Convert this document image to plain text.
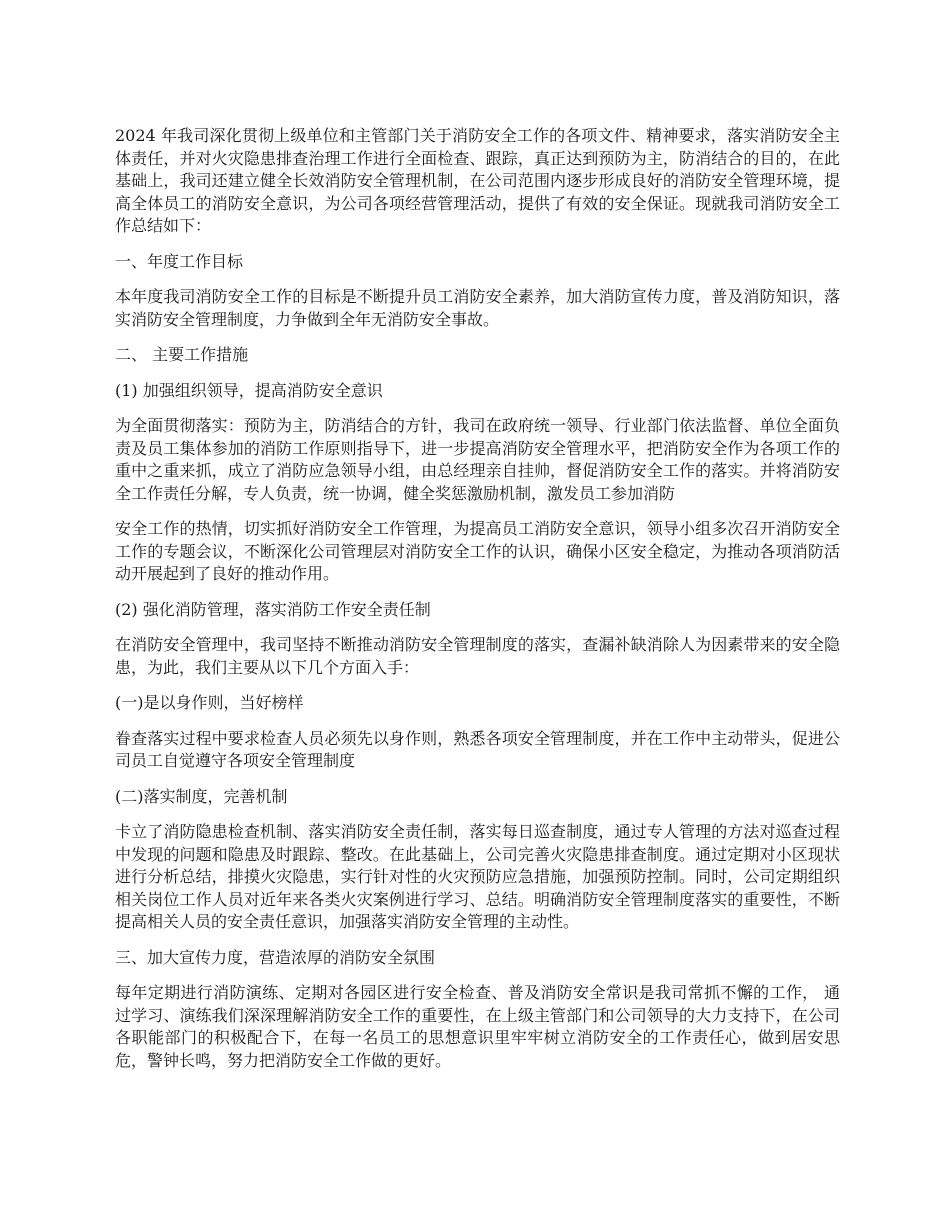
2024 年我司深化贯彻上级单位和主管部门关于消防安全工作的各项文件、精神要求，落实消防安全主体责任，并对火灾隐患排查治理工作进行全面检查、跟踪，真正达到预防为主，防消结合的目的，在此基础上，我司还建立健全长效消防安全管理机制，在公司范围内逐步形成良好的消防安全管理环境，提高全体员工的消防安全意识，为公司各项经营管理活动，提供了有效的安全保证。现就我司消防安全工作总结如下：

一、年度工作目标

本年度我司消防安全工作的目标是不断提升员工消防安全素养，加大消防宣传力度，普及消防知识，落实消防安全管理制度，力争做到全年无消防安全事故。

二、 主要工作措施

(1) 加强组织领导，提高消防安全意识

为全面贯彻落实：预防为主，防消结合的方针，我司在政府统一领导、行业部门依法监督、单位全面负责及员工集体参加的消防工作原则指导下，进一步提高消防安全管理水平，把消防安全作为各项工作的重中之重来抓，成立了消防应急领导小组，由总经理亲自挂帅，督促消防安全工作的落实。并将消防安全工作责任分解，专人负责，统一协调，健全奖惩激励机制，激发员工参加消防

安全工作的热情，切实抓好消防安全工作管理，为提高员工消防安全意识，领导小组多次召开消防安全工作的专题会议，不断深化公司管理层对消防安全工作的认识，确保小区安全稳定，为推动各项消防活动开展起到了良好的推动作用。

(2) 强化消防管理，落实消防工作安全责任制

在消防安全管理中，我司坚持不断推动消防安全管理制度的落实，查漏补缺消除人为因素带来的安全隐患，为此，我们主要从以下几个方面入手：

(一)是以身作则，当好榜样

眷查落实过程中要求检查人员必须先以身作则，熟悉各项安全管理制度，并在工作中主动带头，促进公司员工自觉遵守各项安全管理制度

(二)落实制度，完善机制

卡立了消防隐患检查机制、落实消防安全责任制，落实每日巡查制度，通过专人管理的方法对巡查过程中发现的问题和隐患及时跟踪、整改。在此基础上，公司完善火灾隐患排查制度。通过定期对小区现状进行分析总结，排摸火灾隐患，实行针对性的火灾预防应急措施，加强预防控制。同时，公司定期组织相关岗位工作人员对近年来各类火灾案例进行学习、总结。明确消防安全管理制度落实的重要性，不断提高相关人员的安全责任意识，加强落实消防安全管理的主动性。

三、加大宣传力度，营造浓厚的消防安全氛围

每年定期进行消防演练、定期对各园区进行安全检查、普及消防安全常识是我司常抓不懈的工作， 通过学习、演练我们深深理解消防安全工作的重要性，在上级主管部门和公司领导的大力支持下，在公司各职能部门的积极配合下，在每一名员工的思想意识里牢牢树立消防安全的工作责任心，做到居安思危，警钟长鸣，努力把消防安全工作做的更好。
